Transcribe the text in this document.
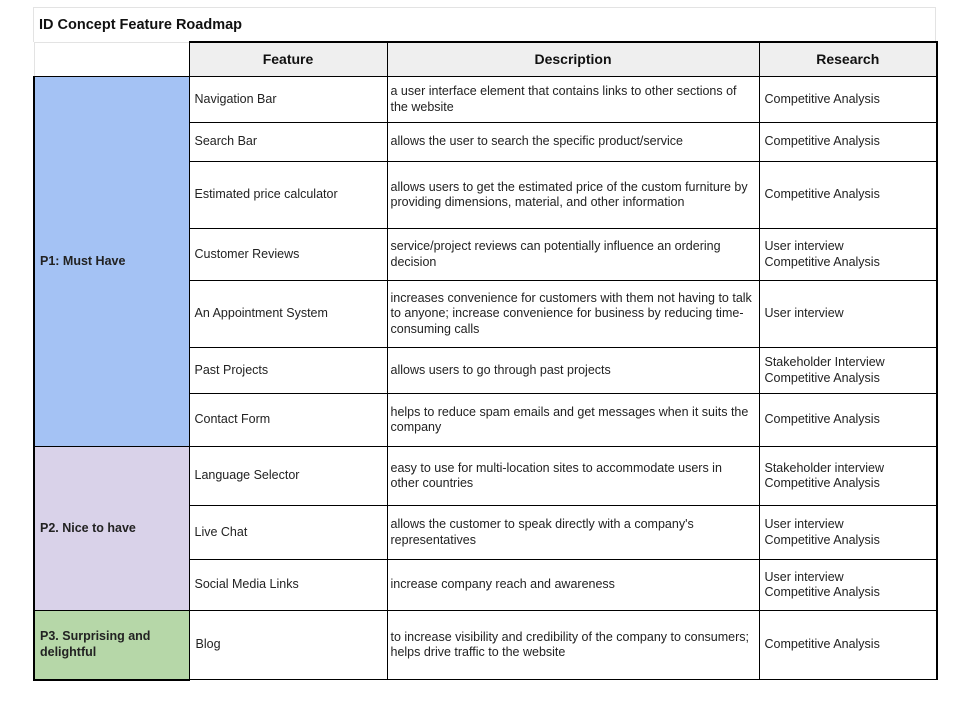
ID Concept Feature Roadmap
	Feature	Description	Research
P1: Must Have	Navigation Bar	a user interface element that contains links to other sections of the website	Competitive Analysis

	Search Bar	allows the user to search the specific product/service	Competitive Analysis

	Estimated price calculator	allows users to get the estimated price of the custom furniture by providing dimensions, material, and other information	Competitive Analysis

	Customer Reviews	service/project reviews can potentially influence an ordering decision	User interview
Competitive Analysis

	An Appointment System	increases convenience for customers with them not having to talk to anyone; increase convenience for business by reducing time-consuming calls	User interview

	Past Projects	allows users to go through past projects	Stakeholder Interview
Competitive Analysis

	Contact Form	helps to reduce spam emails and get messages when it suits the company	Competitive Analysis

P2. Nice to have	Language Selector	easy to use for multi-location sites to accommodate users in other countries	Stakeholder interview
Competitive Analysis

	Live Chat	allows the customer to speak directly with a company's representatives	User interview
Competitive Analysis

	Social Media Links	increase company reach and awareness	User interview
Competitive Analysis

P3. Surprising and delightful	Blog	to increase visibility and credibility of the company to consumers; helps drive traffic to the website	Competitive Analysis
